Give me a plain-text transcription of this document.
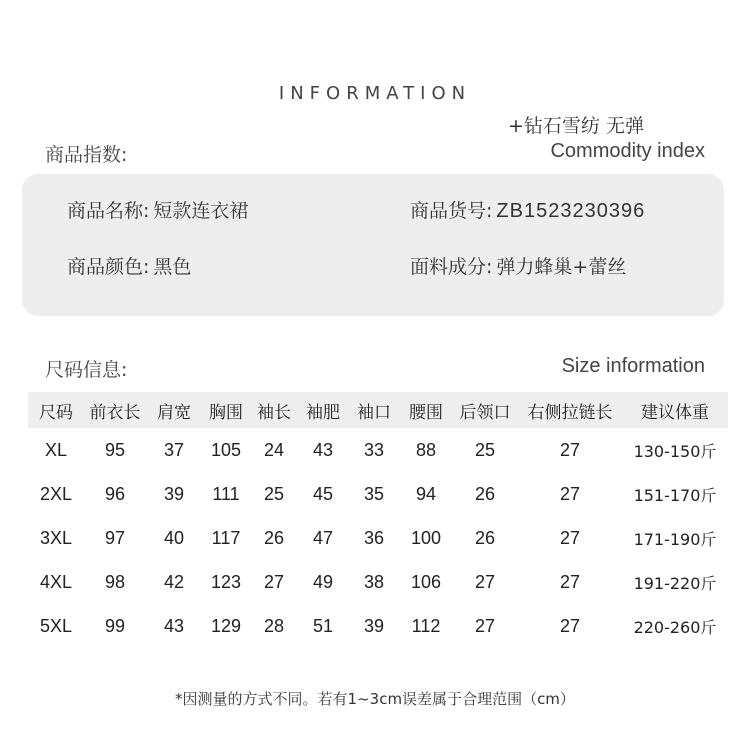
INFORMATION
商品指数:	Commodity index
商品名称: 短款连衣裙	商品货号: ZB1523230396
商品颜色: 黑色	面料成分: 弹力蜂巢+蕾丝
+钻石雪纺 无弹
尺码信息:	Size information
尺码	前衣长	肩宽	胸围	袖长	袖肥	袖口	腰围	后领口	右侧拉链长	建议体重
XL	95	37	105	24	43	33	88	25	27	130-150斤
2XL	96	39	111	25	45	35	94	26	27	151-170斤
3XL	97	40	117	26	47	36	100	26	27	171-190斤
4XL	98	42	123	27	49	38	106	27	27	191-220斤
5XL	99	43	129	28	51	39	112	27	27	220-260斤
*因测量的方式不同。若有1~3cm误差属于合理范围（cm）
